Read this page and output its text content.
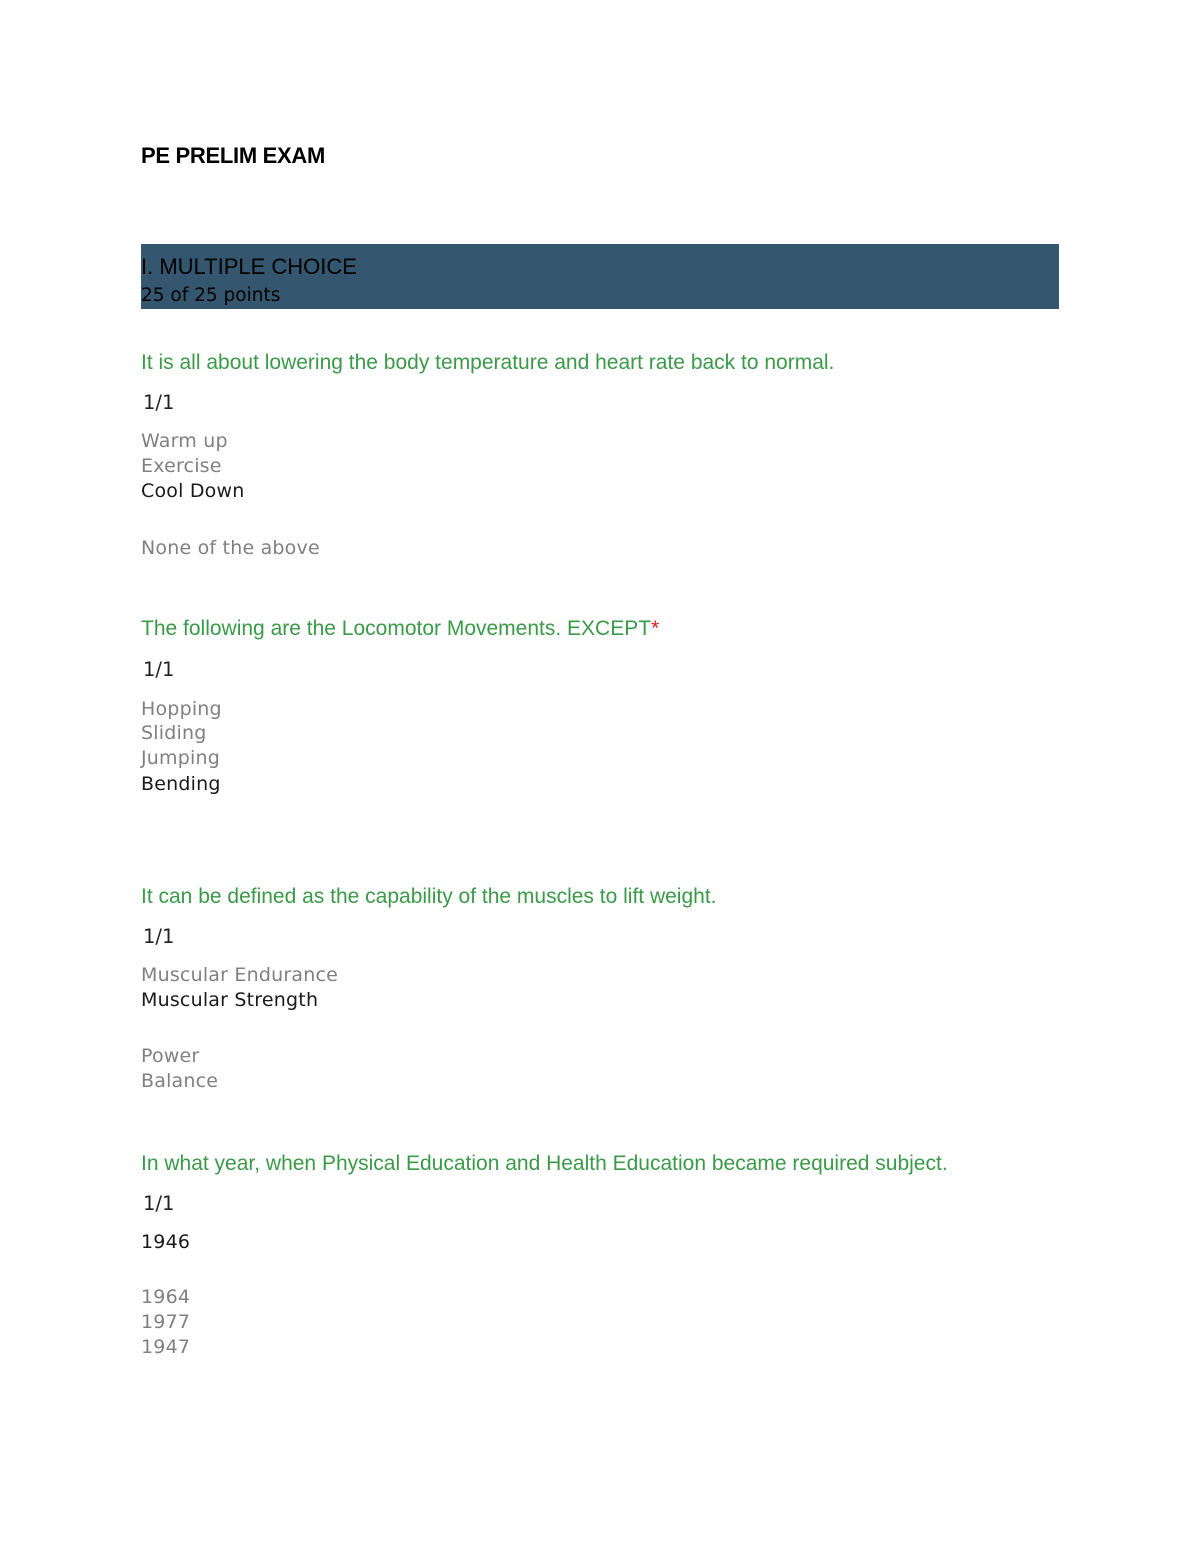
PE PRELIM EXAM
I. MULTIPLE CHOICE
25 of 25 points
It is all about lowering the body temperature and heart rate back to normal.
1/1
Warm up
Exercise
Cool Down
None of the above
The following are the Locomotor Movements. EXCEPT*
1/1
Hopping
Sliding
Jumping
Bending
It can be defined as the capability of the muscles to lift weight.
1/1
Muscular Endurance
Muscular Strength
Power
Balance
In what year, when Physical Education and Health Education became required subject.
1/1
1946
1964
1977
1947
